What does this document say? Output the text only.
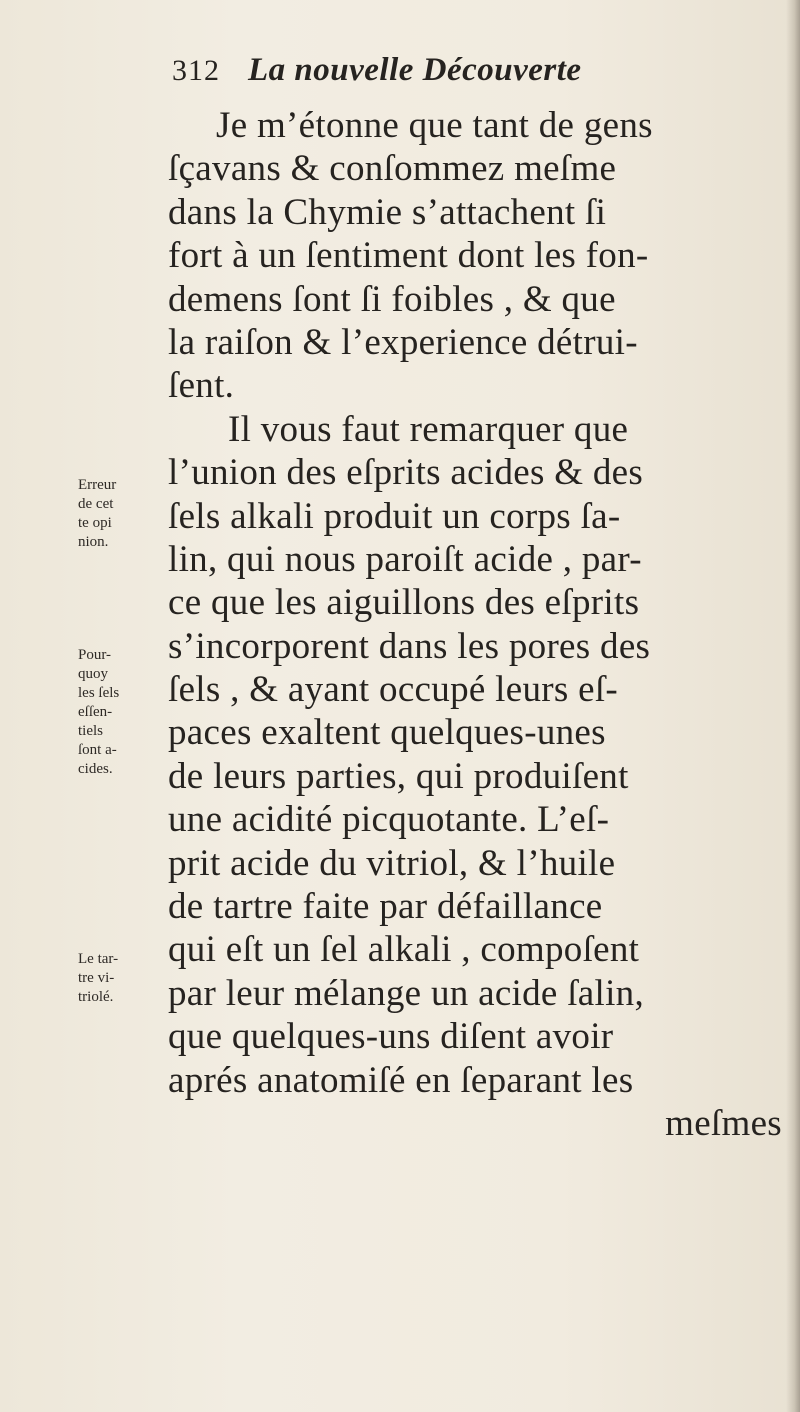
312 La nouvelle Découverte
Je m’étonne que tant de gens
ſçavans & conſommez meſme
dans la Chymie s’attachent ſi
fort à un ſentiment dont les fon-
demens ſont ſi foibles , & que
la raiſon & l’experience détrui-
ſent.
Il vous faut remarquer que
l’union des eſprits acides & des
ſels alkali produit un corps ſa-
lin, qui nous paroiſt acide , par-
ce que les aiguillons des eſprits
s’incorporent dans les pores des
ſels , & ayant occupé leurs eſ-
paces exaltent quelques-unes
de leurs parties, qui produiſent
une acidité picquotante. L’eſ-
prit acide du vitriol, & l’huile
de tartre faite par défaillance
qui eſt un ſel alkali , compoſent
par leur mélange un acide ſalin,
que quelques-uns diſent avoir
aprés anatomiſé en ſeparant les
meſmes
Erreur
de cet
te opi
nion.
Pour-
quoy
les ſels
eſſen-
tiels
ſont a-
cides.
Le tar-
tre vi-
triolé.
